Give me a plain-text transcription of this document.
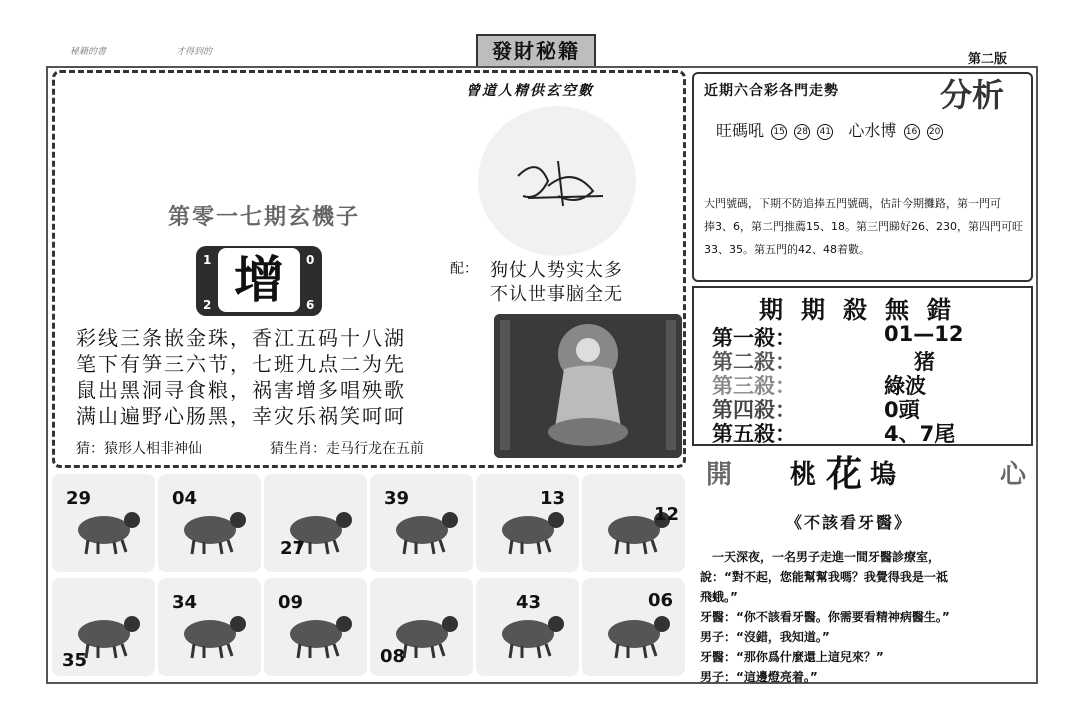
秘籍的書	才得到的	發財秘籍	第二版
曾道人精供玄空數
第零一七期玄機子
增
1	0
2	6
配： 狗仗人势实太多
不认世事脑全无
彩线三条嵌金珠，香江五码十八湖
笔下有笋三六节，七班九点二为先
鼠出黑洞寻食粮，祸害增多唱殃歌
满山遍野心肠黑，幸灾乐祸笑呵呵
猜：猿形人相非神仙	猜生肖：走马行龙在五前
29	04
27
39	13
12
35
34	09
08
43	06
近期六合彩各門走勢	分析
旺碼吼 15 28 41 心水博 16 20
大門號碼，下期不防追捧五門號碼，估計今期攤路，第一門可
捧3、6，第二門推薦15、18。第三門睇好26、230，第四門可旺
33、35。第五門的42、48着數。
期期殺無錯
第一殺：	01—12
第二殺：	猪
第三殺：	綠波
第四殺：	0頭
第五殺：	4、7尾
開 桃 花 塢	心
《不該看牙醫》
　一天深夜，一名男子走進一間牙醫診療室，
說：“對不起，您能幫幫我嗎？我覺得我是一祗
飛蛾。”
牙醫：“你不該看牙醫。你需要看精神病醫生。”
男子：“沒錯，我知道。”
牙醫：“那你爲什麼還上這兒來？”
男子：“這邊燈亮着。”
